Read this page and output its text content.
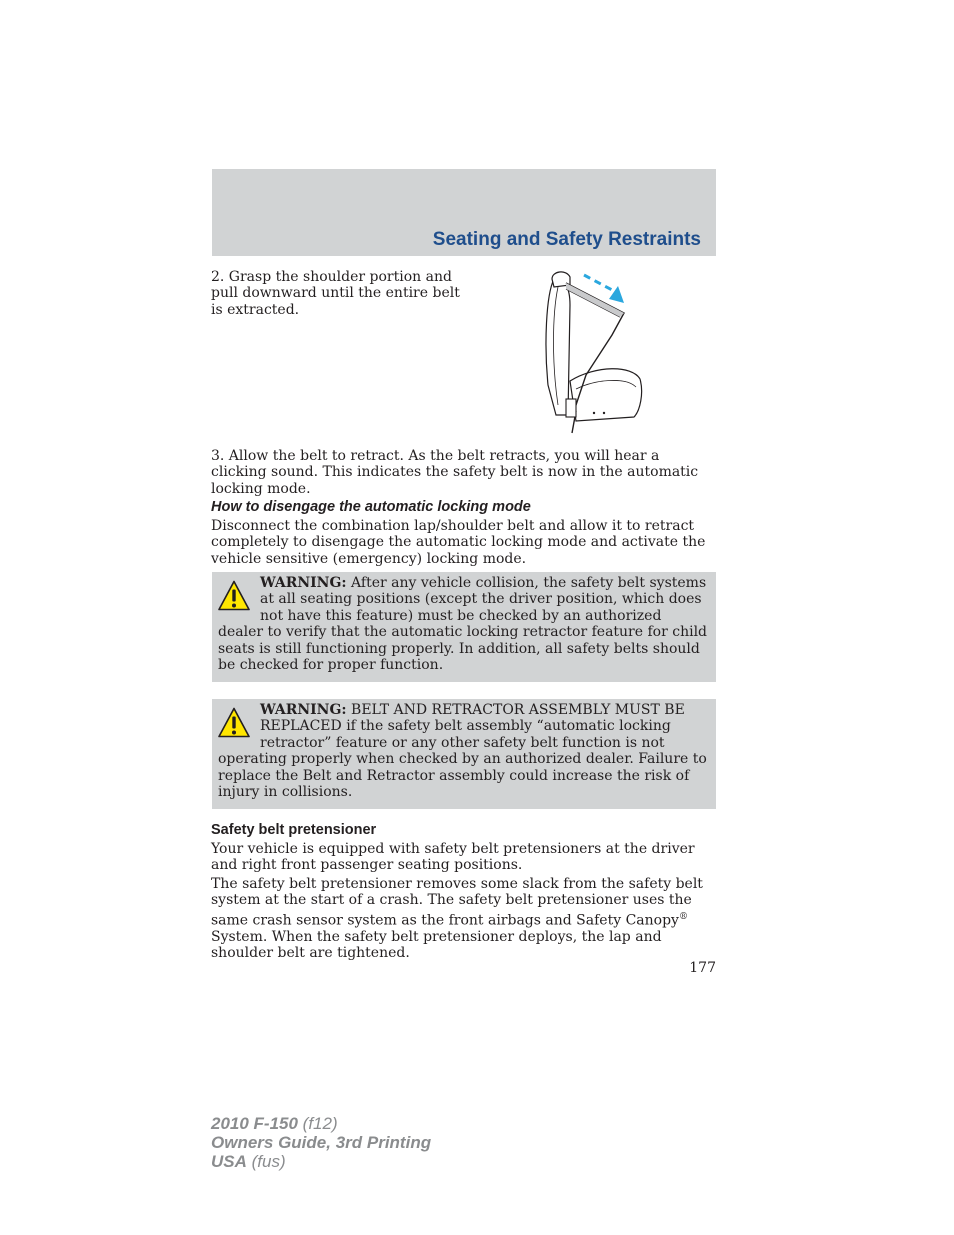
Seating and Safety Restraints

2. Grasp the shoulder portion and pull downward until the entire belt is extracted.

3. Allow the belt to retract. As the belt retracts, you will hear a clicking sound. This indicates the safety belt is now in the automatic locking mode.

How to disengage the automatic locking mode

Disconnect the combination lap/shoulder belt and allow it to retract completely to disengage the automatic locking mode and activate the vehicle sensitive (emergency) locking mode.

WARNING: After any vehicle collision, the safety belt systems at all seating positions (except the driver position, which does not have this feature) must be checked by an authorized dealer to verify that the automatic locking retractor feature for child seats is still functioning properly. In addition, all safety belts should be checked for proper function.

WARNING: BELT AND RETRACTOR ASSEMBLY MUST BE REPLACED if the safety belt assembly “automatic locking retractor” feature or any other safety belt function is not operating properly when checked by an authorized dealer. Failure to replace the Belt and Retractor assembly could increase the risk of injury in collisions.

Safety belt pretensioner

Your vehicle is equipped with safety belt pretensioners at the driver and right front passenger seating positions.

The safety belt pretensioner removes some slack from the safety belt system at the start of a crash. The safety belt pretensioner uses the same crash sensor system as the front airbags and Safety Canopy® System. When the safety belt pretensioner deploys, the lap and shoulder belt are tightened.

177
2010 F-150 (f12)
Owners Guide, 3rd Printing
USA (fus)
